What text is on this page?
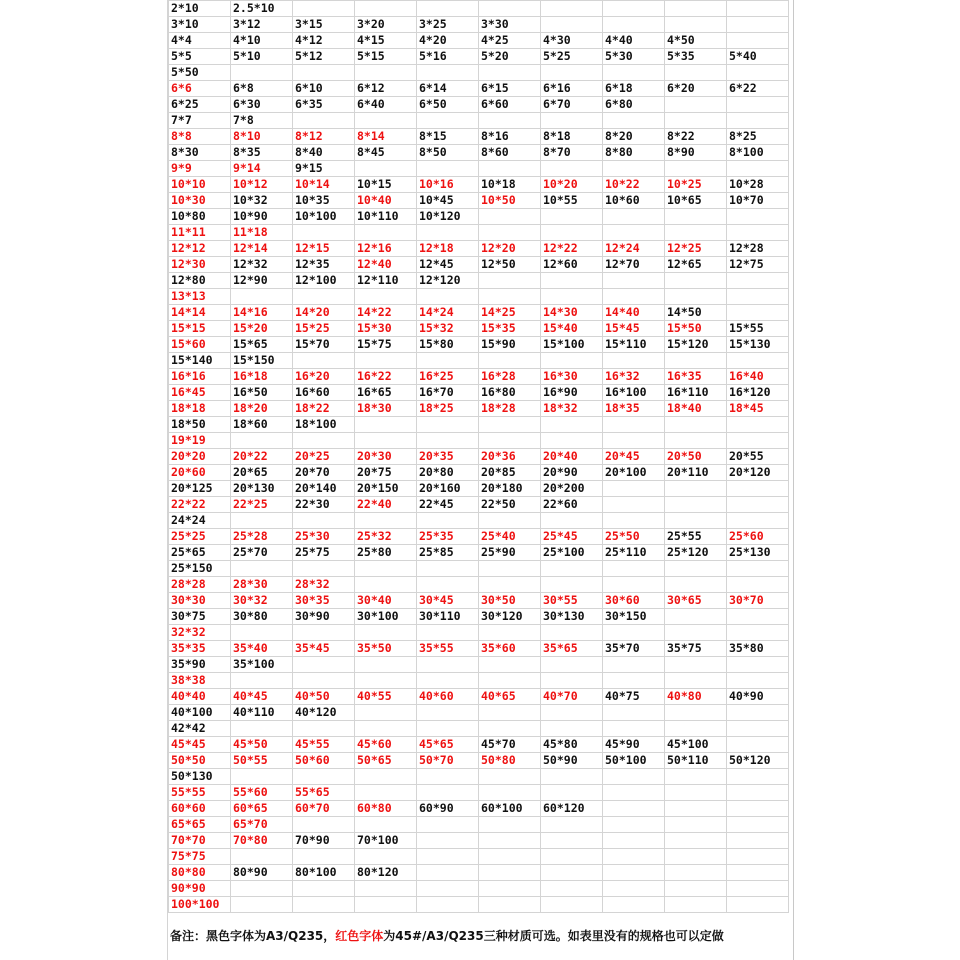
2*10	2.5*10								
3*10	3*12	3*15	3*20	3*25	3*30				
4*4	4*10	4*12	4*15	4*20	4*25	4*30	4*40	4*50	
5*5	5*10	5*12	5*15	5*16	5*20	5*25	5*30	5*35	5*40
5*50									
6*6	6*8	6*10	6*12	6*14	6*15	6*16	6*18	6*20	6*22
6*25	6*30	6*35	6*40	6*50	6*60	6*70	6*80		
7*7	7*8								
8*8	8*10	8*12	8*14	8*15	8*16	8*18	8*20	8*22	8*25
8*30	8*35	8*40	8*45	8*50	8*60	8*70	8*80	8*90	8*100
9*9	9*14	9*15							
10*10	10*12	10*14	10*15	10*16	10*18	10*20	10*22	10*25	10*28
10*30	10*32	10*35	10*40	10*45	10*50	10*55	10*60	10*65	10*70
10*80	10*90	10*100	10*110	10*120					
11*11	11*18								
12*12	12*14	12*15	12*16	12*18	12*20	12*22	12*24	12*25	12*28
12*30	12*32	12*35	12*40	12*45	12*50	12*60	12*70	12*65	12*75
12*80	12*90	12*100	12*110	12*120					
13*13									
14*14	14*16	14*20	14*22	14*24	14*25	14*30	14*40	14*50	
15*15	15*20	15*25	15*30	15*32	15*35	15*40	15*45	15*50	15*55
15*60	15*65	15*70	15*75	15*80	15*90	15*100	15*110	15*120	15*130
15*140	15*150								
16*16	16*18	16*20	16*22	16*25	16*28	16*30	16*32	16*35	16*40
16*45	16*50	16*60	16*65	16*70	16*80	16*90	16*100	16*110	16*120
18*18	18*20	18*22	18*30	18*25	18*28	18*32	18*35	18*40	18*45
18*50	18*60	18*100							
19*19									
20*20	20*22	20*25	20*30	20*35	20*36	20*40	20*45	20*50	20*55
20*60	20*65	20*70	20*75	20*80	20*85	20*90	20*100	20*110	20*120
20*125	20*130	20*140	20*150	20*160	20*180	20*200			
22*22	22*25	22*30	22*40	22*45	22*50	22*60			
24*24									
25*25	25*28	25*30	25*32	25*35	25*40	25*45	25*50	25*55	25*60
25*65	25*70	25*75	25*80	25*85	25*90	25*100	25*110	25*120	25*130
25*150									
28*28	28*30	28*32							
30*30	30*32	30*35	30*40	30*45	30*50	30*55	30*60	30*65	30*70
30*75	30*80	30*90	30*100	30*110	30*120	30*130	30*150		
32*32									
35*35	35*40	35*45	35*50	35*55	35*60	35*65	35*70	35*75	35*80
35*90	35*100								
38*38									
40*40	40*45	40*50	40*55	40*60	40*65	40*70	40*75	40*80	40*90
40*100	40*110	40*120							
42*42									
45*45	45*50	45*55	45*60	45*65	45*70	45*80	45*90	45*100	
50*50	50*55	50*60	50*65	50*70	50*80	50*90	50*100	50*110	50*120
50*130									
55*55	55*60	55*65							
60*60	60*65	60*70	60*80	60*90	60*100	60*120			
65*65	65*70								
70*70	70*80	70*90	70*100						
75*75									
80*80	80*90	80*100	80*120						
90*90									
100*100									
备注：黑色字体为A3/Q235，红色字体为45#/A3/Q235三种材质可选。如表里没有的规格也可以定做
